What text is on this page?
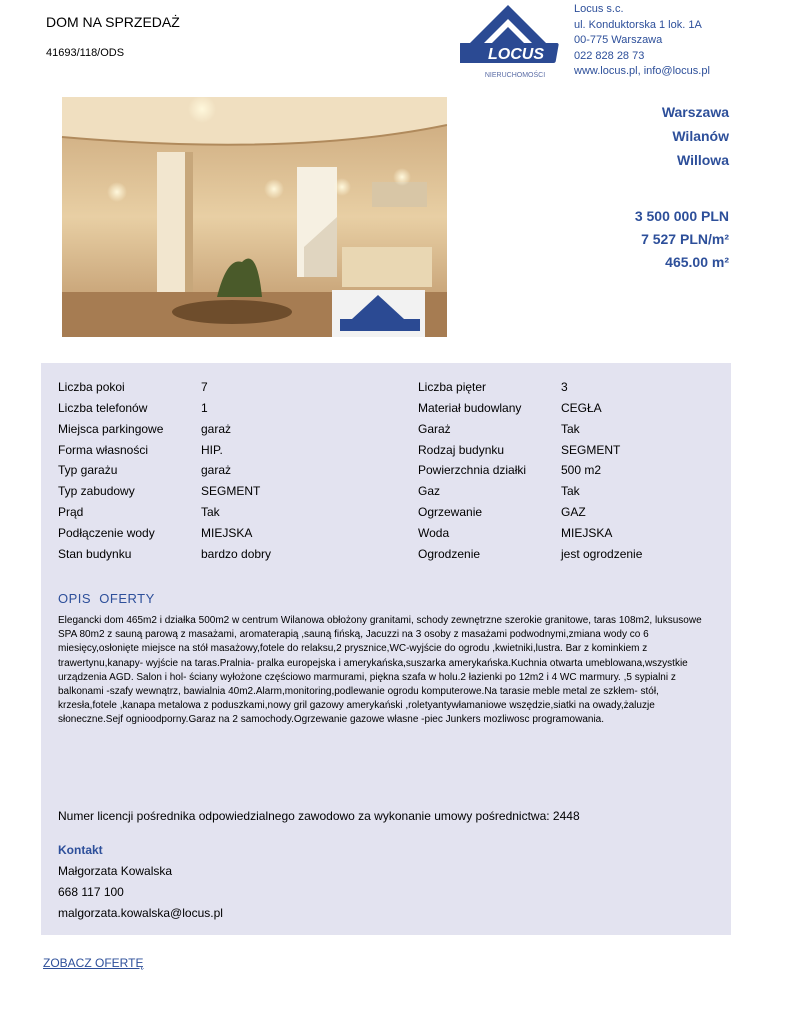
DOM NA SPRZEDAŻ
41693/118/ODS	LOCUS
NIERUCHOMOŚCI
Locus s.c.
ul. Konduktorska 1 lok. 1A
00-775 Warszawa
022 828 28 73
www.locus.pl, info@locus.pl
Warszawa
Wilanów
Willowa
3 500 000 PLN
7 527 PLN/m²
465.00 m²
Liczba pokoi	7	Liczba pięter	3
Liczba telefonów	1	Materiał budowlany	CEGŁA
Miejsca parkingowe	garaż	Garaż	Tak
Forma własności	HIP.	Rodzaj budynku	SEGMENT
Typ garażu	garaż	Powierzchnia działki	500 m2
Typ zabudowy	SEGMENT	Gaz	Tak
Prąd	Tak	Ogrzewanie	GAZ
Podłączenie wody	MIEJSKA	Woda	MIEJSKA
Stan budynku	bardzo dobry	Ogrodzenie	jest ogrodzenie
OPIS  OFERTY
Elegancki dom 465m2 i działka 500m2 w centrum Wilanowa obłożony granitami, schody zewnętrzne szerokie granitowe, taras 108m2, luksusowe SPA 80m2 z sauną parową z masażami, aromaterapią ,sauną fińską, Jacuzzi na 3 osoby z masażami podwodnymi,zmiana wody co 6 miesięcy,osłonięte miejsce na stół masażowy,fotele do relaksu,2 prysznice,WC-wyjście do ogrodu ,kwietniki,lustra. Bar z kominkiem z trawertynu,kanapy- wyjście na taras.Pralnia- pralka europejska i amerykańska,suszarka amerykańska.Kuchnia otwarta umeblowana,wszystkie urządzenia AGD. Salon i hol- ściany wyłożone częściowo marmurami, piękna szafa w holu.2 łazienki po 12m2 i 4 WC marmury. ,5 sypialni z balkonami -szafy wewnątrz, bawialnia 40m2.Alarm,monitoring,podlewanie ogrodu komputerowe.Na tarasie meble metal ze szkłem- stół, krzesła,fotele ,kanapa metalowa z poduszkami,nowy gril gazowy amerykański ,roletyantywłamaniowe wszędzie,siatki na owady,żaluzje słoneczne.Sejf ognioodporny.Garaz na 2 samochody.Ogrzewanie gazowe własne -piec Junkers mozliwosc programowania.
Numer licencji pośrednika odpowiedzialnego zawodowo za wykonanie umowy pośrednictwa: 2448
Kontakt
Małgorzata Kowalska
668 117 100
malgorzata.kowalska@locus.pl
ZOBACZ OFERTĘ
